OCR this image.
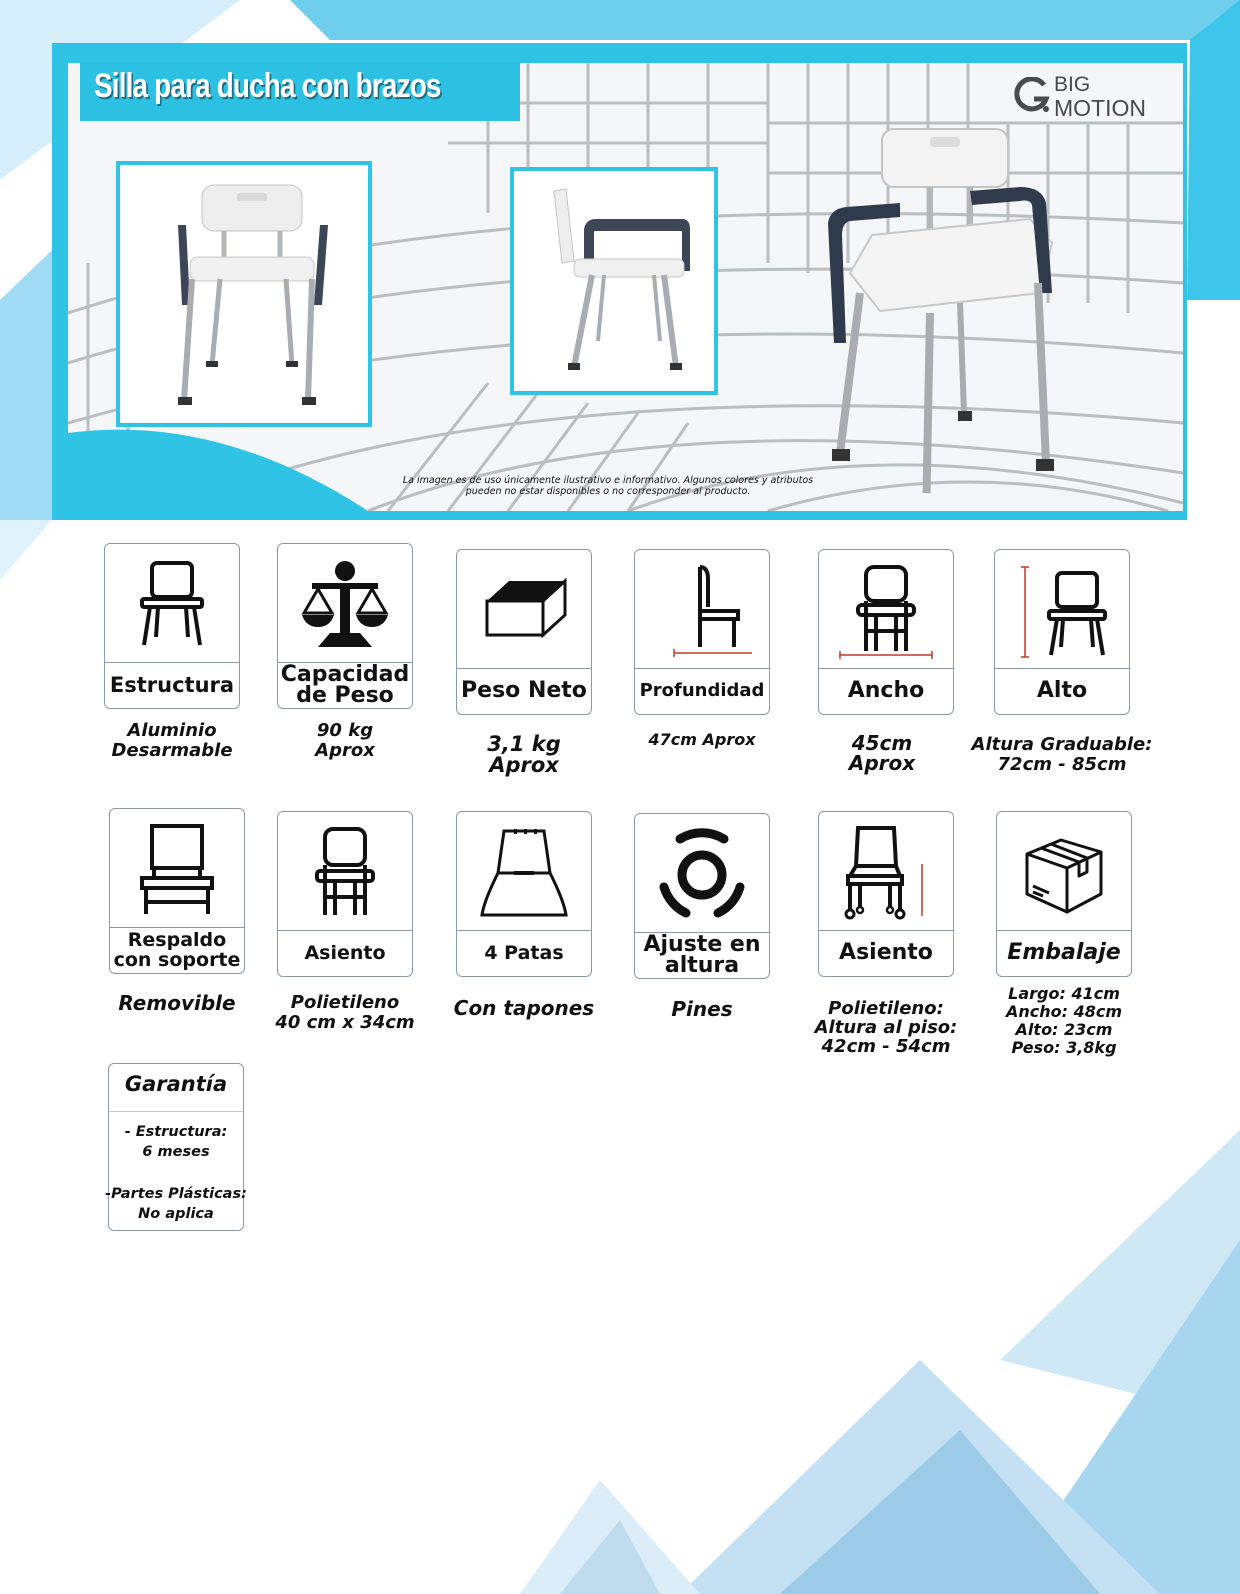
Silla para ducha con brazos	BIG
MOTION
La imagen es de uso únicamente ilustrativo e informativo. Algunos colores y atributos pueden no estar disponibles o no corresponder al producto.
Estructura
Aluminio
Desarmable
Capacidad
de Peso
90 kg
Aprox
Peso Neto
3,1 kg
Aprox
Profundidad
47cm Aprox
Ancho
45cm
Aprox
Alto
Altura Graduable:
72cm - 85cm
Respaldo
con soporte
Removible
Asiento
Polietileno
40 cm x 34cm
4 Patas
Con tapones
Ajuste en
altura
Pines
Asiento
Polietileno:
Altura al piso:
42cm - 54cm
Embalaje
Largo: 41cm
Ancho: 48cm
Alto: 23cm
Peso: 3,8kg
Garantía
- Estructura:
6 meses
-Partes Plásticas:
No aplica
